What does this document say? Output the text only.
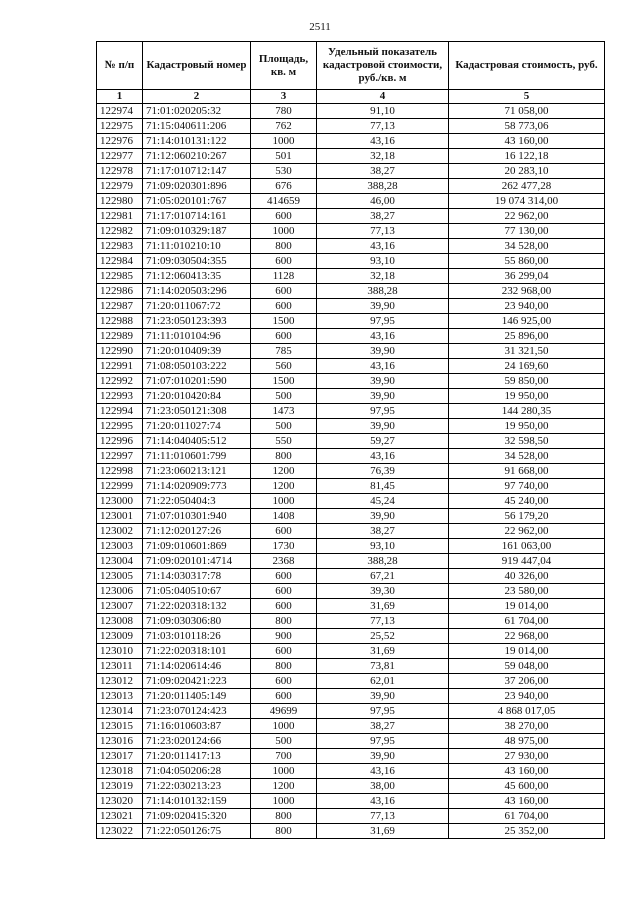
2511
№ п/п	Кадастровый номер	Площадь, кв. м	Удельный показатель кадастровой стоимости, руб./кв. м	Кадастровая стоимость, руб.
1	2	3	4	5
122974	71:01:020205:32	780	91,10	71 058,00
122975	71:15:040611:206	762	77,13	58 773,06
122976	71:14:010131:122	1000	43,16	43 160,00
122977	71:12:060210:267	501	32,18	16 122,18
122978	71:17:010712:147	530	38,27	20 283,10
122979	71:09:020301:896	676	388,28	262 477,28
122980	71:05:020101:767	414659	46,00	19 074 314,00
122981	71:17:010714:161	600	38,27	22 962,00
122982	71:09:010329:187	1000	77,13	77 130,00
122983	71:11:010210:10	800	43,16	34 528,00
122984	71:09:030504:355	600	93,10	55 860,00
122985	71:12:060413:35	1128	32,18	36 299,04
122986	71:14:020503:296	600	388,28	232 968,00
122987	71:20:011067:72	600	39,90	23 940,00
122988	71:23:050123:393	1500	97,95	146 925,00
122989	71:11:010104:96	600	43,16	25 896,00
122990	71:20:010409:39	785	39,90	31 321,50
122991	71:08:050103:222	560	43,16	24 169,60
122992	71:07:010201:590	1500	39,90	59 850,00
122993	71:20:010420:84	500	39,90	19 950,00
122994	71:23:050121:308	1473	97,95	144 280,35
122995	71:20:011027:74	500	39,90	19 950,00
122996	71:14:040405:512	550	59,27	32 598,50
122997	71:11:010601:799	800	43,16	34 528,00
122998	71:23:060213:121	1200	76,39	91 668,00
122999	71:14:020909:773	1200	81,45	97 740,00
123000	71:22:050404:3	1000	45,24	45 240,00
123001	71:07:010301:940	1408	39,90	56 179,20
123002	71:12:020127:26	600	38,27	22 962,00
123003	71:09:010601:869	1730	93,10	161 063,00
123004	71:09:020101:4714	2368	388,28	919 447,04
123005	71:14:030317:78	600	67,21	40 326,00
123006	71:05:040510:67	600	39,30	23 580,00
123007	71:22:020318:132	600	31,69	19 014,00
123008	71:09:030306:80	800	77,13	61 704,00
123009	71:03:010118:26	900	25,52	22 968,00
123010	71:22:020318:101	600	31,69	19 014,00
123011	71:14:020614:46	800	73,81	59 048,00
123012	71:09:020421:223	600	62,01	37 206,00
123013	71:20:011405:149	600	39,90	23 940,00
123014	71:23:070124:423	49699	97,95	4 868 017,05
123015	71:16:010603:87	1000	38,27	38 270,00
123016	71:23:020124:66	500	97,95	48 975,00
123017	71:20:011417:13	700	39,90	27 930,00
123018	71:04:050206:28	1000	43,16	43 160,00
123019	71:22:030213:23	1200	38,00	45 600,00
123020	71:14:010132:159	1000	43,16	43 160,00
123021	71:09:020415:320	800	77,13	61 704,00
123022	71:22:050126:75	800	31,69	25 352,00
